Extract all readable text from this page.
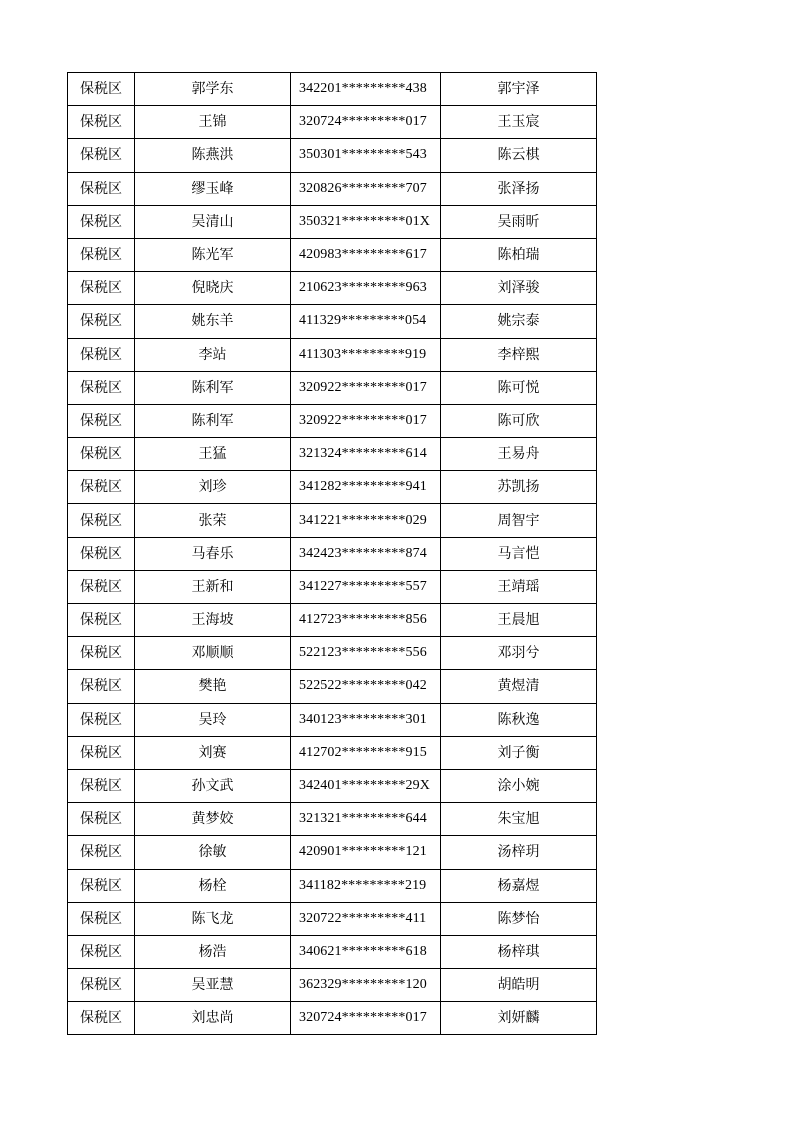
保税区	郭学东	342201*********438	郭宇泽
保税区	王锦	320724*********017	王玉宸
保税区	陈燕洪	350301*********543	陈云棋
保税区	缪玉峰	320826*********707	张泽扬
保税区	吴清山	350321*********01X	吴雨昕
保税区	陈光军	420983*********617	陈柏瑞
保税区	倪晓庆	210623*********963	刘泽骏
保税区	姚东羊	411329*********054	姚宗泰
保税区	李站	411303*********919	李梓熙
保税区	陈利军	320922*********017	陈可悦
保税区	陈利军	320922*********017	陈可欣
保税区	王猛	321324*********614	王易舟
保税区	刘珍	341282*********941	苏凯扬
保税区	张荣	341221*********029	周智宇
保税区	马春乐	342423*********874	马言恺
保税区	王新和	341227*********557	王靖瑶
保税区	王海坡	412723*********856	王晨旭
保税区	邓顺顺	522123*********556	邓羽兮
保税区	樊艳	522522*********042	黄煜清
保税区	吴玲	340123*********301	陈秋逸
保税区	刘赛	412702*********915	刘子衡
保税区	孙文武	342401*********29X	涂小婉
保税区	黄梦姣	321321*********644	朱宝旭
保税区	徐敏	420901*********121	汤梓玥
保税区	杨栓	341182*********219	杨嘉煜
保税区	陈飞龙	320722*********411	陈梦怡
保税区	杨浩	340621*********618	杨梓琪
保税区	吴亚慧	362329*********120	胡皓明
保税区	刘忠尚	320724*********017	刘妍麟
